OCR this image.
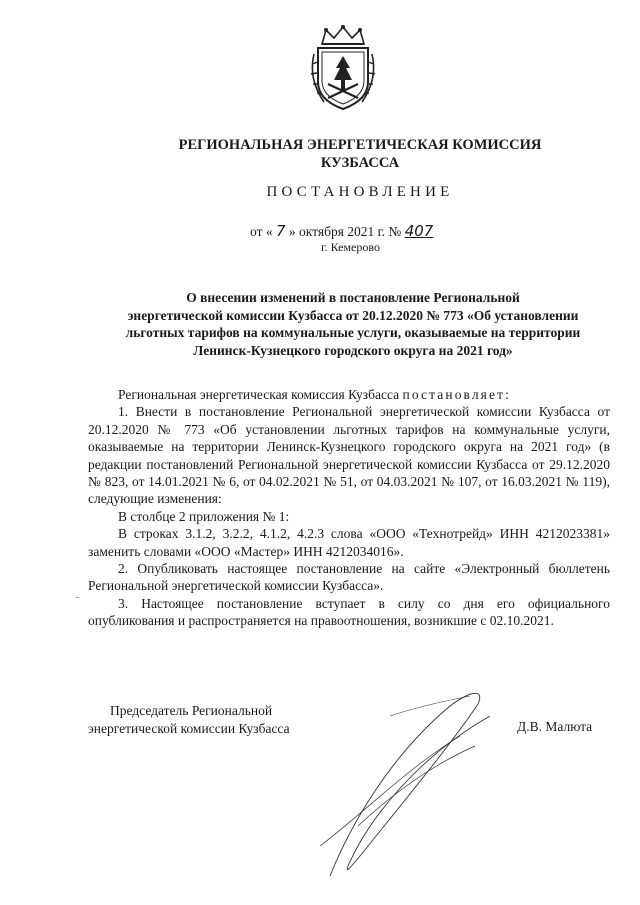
РЕГИОНАЛЬНАЯ ЭНЕРГЕТИЧЕСКАЯ КОМИССИЯ
КУЗБАССА
ПОСТАНОВЛЕНИЕ
от « 7 » октября 2021 г. № 407
г. Кемерово
О внесении изменений в постановление Региональной
энергетической комиссии Кузбасса от 20.12.2020 № 773 «Об установлении
льготных тарифов на коммунальные услуги, оказываемые на территории
Ленинск-Кузнецкого городского округа на 2021 год»

Региональная энергетическая комиссия Кузбасса постановляет:

1. Внести в постановление Региональной энергетической комиссии Кузбасса от 20.12.2020 № 773 «Об установлении льготных тарифов на коммунальные услуги, оказываемые на территории Ленинск-Кузнецкого городского округа на 2021 год» (в редакции постановлений Региональной энергетической комиссии Кузбасса от 29.12.2020 № 823, от 14.01.2021 № 6, от 04.02.2021 № 51, от 04.03.2021 № 107, от 16.03.2021 № 119), следующие изменения:

В столбце 2 приложения № 1:

В строках 3.1.2, 3.2.2, 4.1.2, 4.2.3 слова «ООО «Технотрейд» ИНН 4212023381» заменить словами «ООО «Мастер» ИНН 4212034016».

2. Опубликовать настоящее постановление на сайте «Электронный бюллетень Региональной энергетической комиссии Кузбасса».

3. Настоящее постановление вступает в силу со дня его официального опубликования и распространяется на правоотношения, возникшие с 02.10.2021.

Председатель Региональной
энергетической комиссии Кузбасса	Д.В. Малюта
